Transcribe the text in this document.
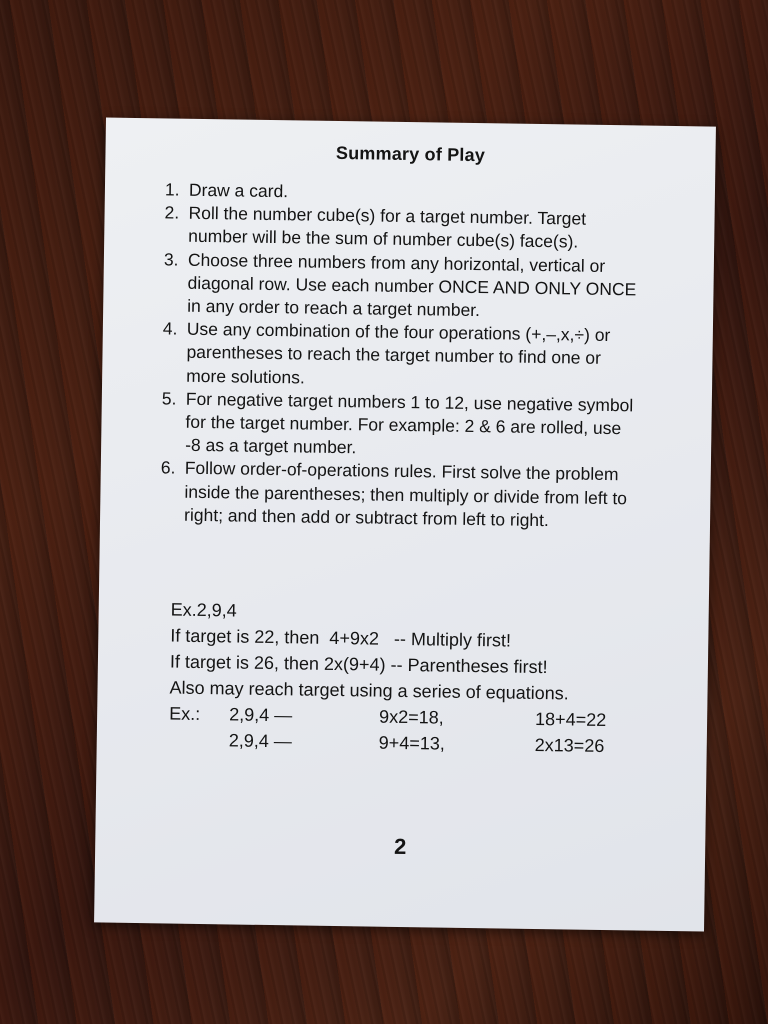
Summary of Play
1. Draw a card.
2. Roll the number cube(s) for a target number. Target number will be the sum of number cube(s) face(s).
3. Choose three numbers from any horizontal, vertical or diagonal row. Use each number ONCE AND ONLY ONCE in any order to reach a target number.
4. Use any combination of the four operations (+,–,x,÷) or parentheses to reach the target number to find one or more solutions.
5. For negative target numbers 1 to 12, use negative symbol for the target number. For example: 2 & 6 are rolled, use -8 as a target number.
6. Follow order-of-operations rules. First solve the problem inside the parentheses; then multiply or divide from left to right; and then add or subtract from left to right.
Ex.2,9,4
If target is 22, then  4+9x2   -- Multiply first!
If target is 26, then 2x(9+4) -- Parentheses first!
Also may reach target using a series of equations.
Ex.: 2,9,4 —	9x2=18,	18+4=22
2,9,4 —	9+4=13,	2x13=26
2
